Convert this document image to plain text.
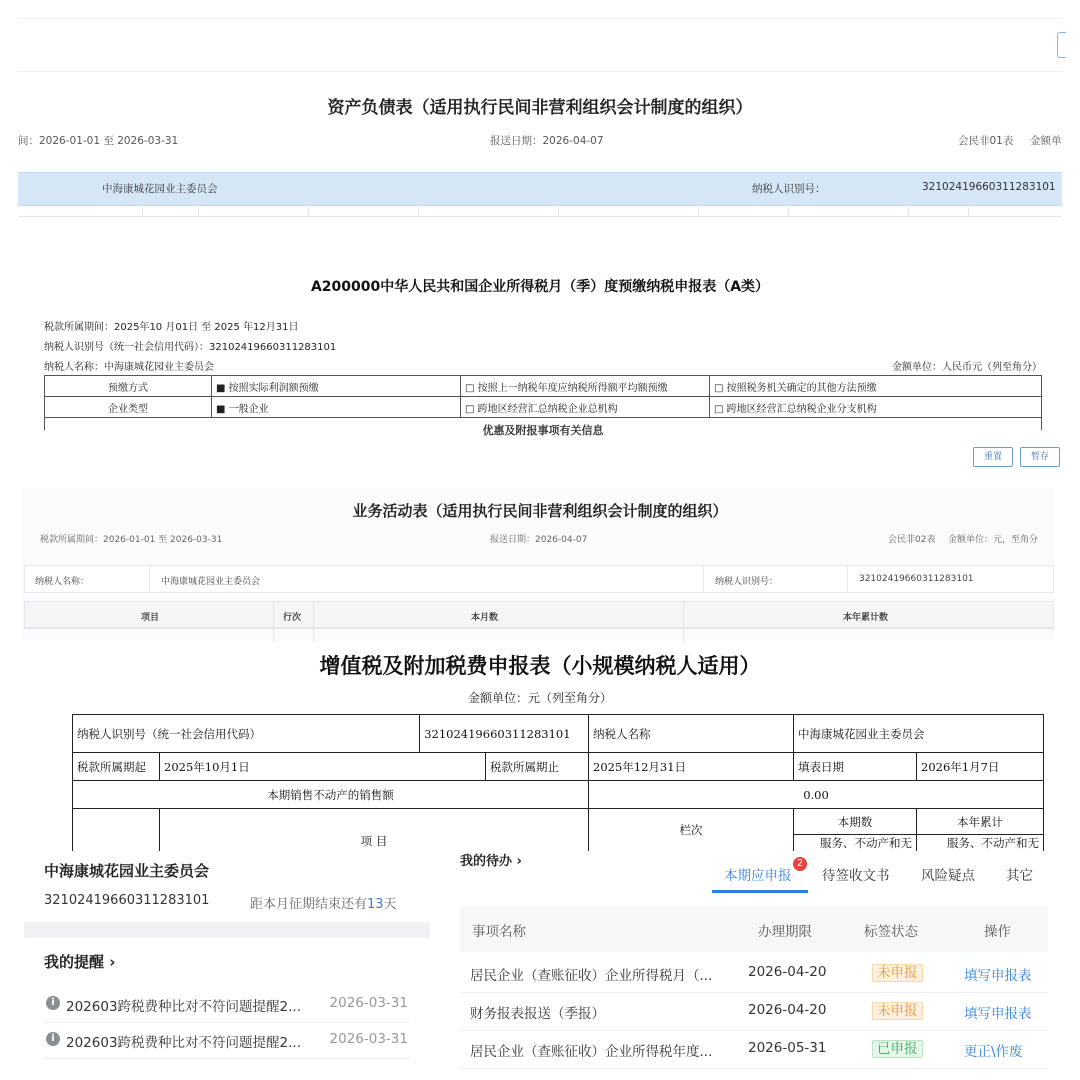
资产负债表（适用执行民间非营利组织会计制度的组织）
间：2026-01-01 至 2026-03-31	报送日期：2026-04-07	会民非01表 金额单
中海康城花园业主委员会	纳税人识别号：	32102419660311283101
A200000中华人民共和国企业所得税月（季）度预缴纳税申报表（A类）
税款所属期间：2025年10 月01日 至 2025 年12月31日
纳税人识别号（统一社会信用代码）：32102419660311283101
纳税人名称：中海康城花园业主委员会	金额单位：人民币元（列至角分）
预缴方式	■ 按照实际利润额预缴	□ 按照上一纳税年度应纳税所得额平均额预缴	□ 按照税务机关确定的其他方法预缴
企业类型	■ 一般企业	□ 跨地区经营汇总纳税企业总机构	□ 跨地区经营汇总纳税企业分支机构
优惠及附报事项有关信息
重置	暂存
业务活动表（适用执行民间非营利组织会计制度的组织）
税款所属期间：2026-01-01 至 2026-03-31	报送日期：2026-04-07	会民非02表 金额单位：元，至角分
纳税人名称：	中海康城花园业主委员会	纳税人识别号：	32102419660311283101
项目	行次	本月数	本年累计数
增值税及附加税费申报表（小规模纳税人适用）
金额单位：元（列至角分）
纳税人识别号（统一社会信用代码）		32102419660311283101		纳税人名称	中海康城花园业主委员会	
税款所属期起	2025年10月1日		税款所属期止	2025年12月31日	填表日期	2026年1月7日
本期销售不动产的销售额				0.00		
	项 目			栏次	本期数	本年累计
					服务、不动产和无	服务、不动产和无
中海康城花园业主委员会
32102419660311283101	距本月征期结束还有13天
我的提醒 ›
i 202603跨税费种比对不符问题提醒2... 2026-03-31
i 202603跨税费种比对不符问题提醒2... 2026-03-31
我的待办 ›
本期应申报
2
待签收文书 风险疑点 其它
事项名称	办理期限	标签状态	操作
居民企业（查账征收）企业所得税月（...	2026-04-20	未申报	填写申报表
财务报表报送（季报）	2026-04-20	未申报	填写申报表
居民企业（查账征收）企业所得税年度...	2026-05-31	已申报	更正\作废
